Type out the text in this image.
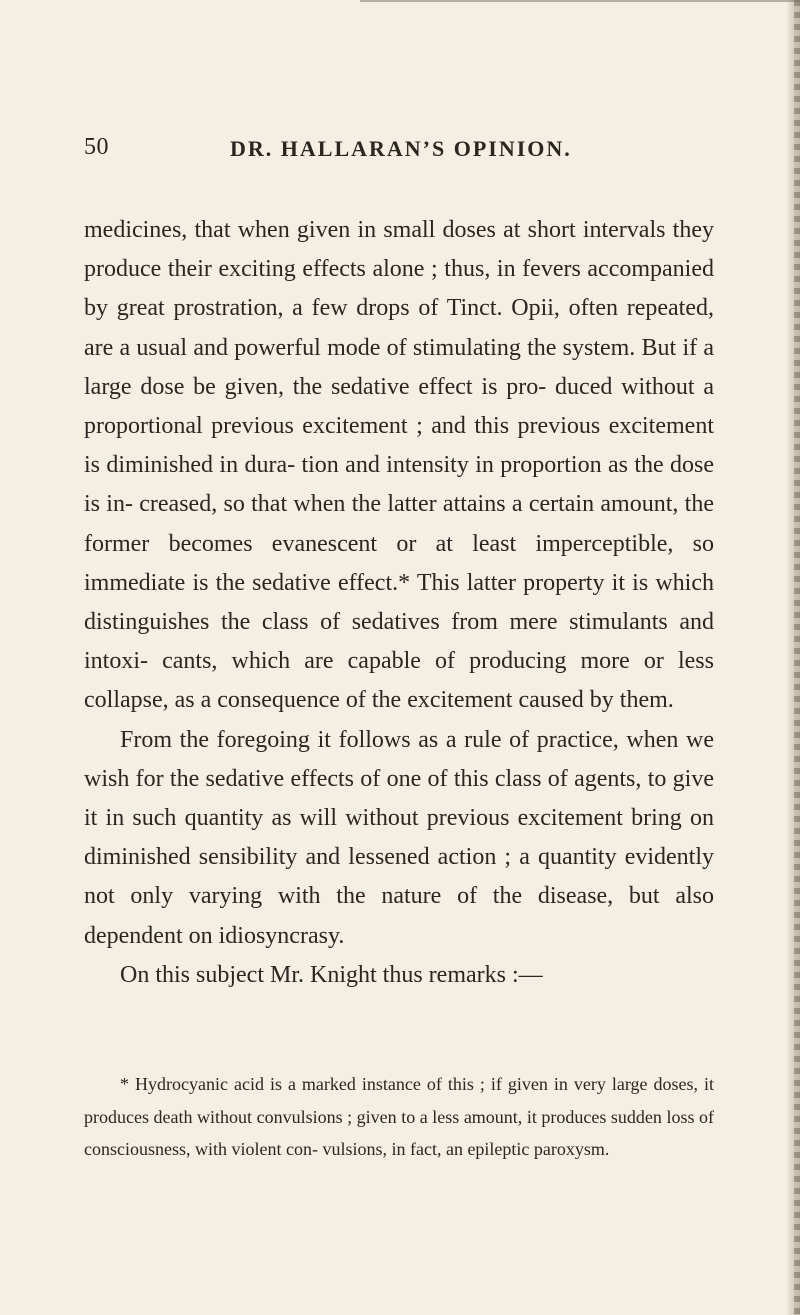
50	DR. HALLARAN’S OPINION.

medicines, that when given in small doses at short intervals they produce their exciting effects alone ; thus, in fevers accompanied by great prostration, a few drops of Tinct. Opii, often repeated, are a usual and powerful mode of stimulating the system. But if a large dose be given, the sedative effect is pro- duced without a proportional previous excitement ; and this previous excitement is diminished in dura- tion and intensity in proportion as the dose is in- creased, so that when the latter attains a certain amount, the former becomes evanescent or at least imperceptible, so immediate is the sedative effect.* This latter property it is which distinguishes the class of sedatives from mere stimulants and intoxi- cants, which are capable of producing more or less collapse, as a consequence of the excitement caused by them.

From the foregoing it follows as a rule of practice, when we wish for the sedative effects of one of this class of agents, to give it in such quantity as will without previous excitement bring on diminished sensibility and lessened action ; a quantity evidently not only varying with the nature of the disease, but also dependent on idiosyncrasy.

On this subject Mr. Knight thus remarks :—

* Hydrocyanic acid is a marked instance of this ; if given in very large doses, it produces death without convulsions ; given to a less amount, it produces sudden loss of consciousness, with violent con- vulsions, in fact, an epileptic paroxysm.
